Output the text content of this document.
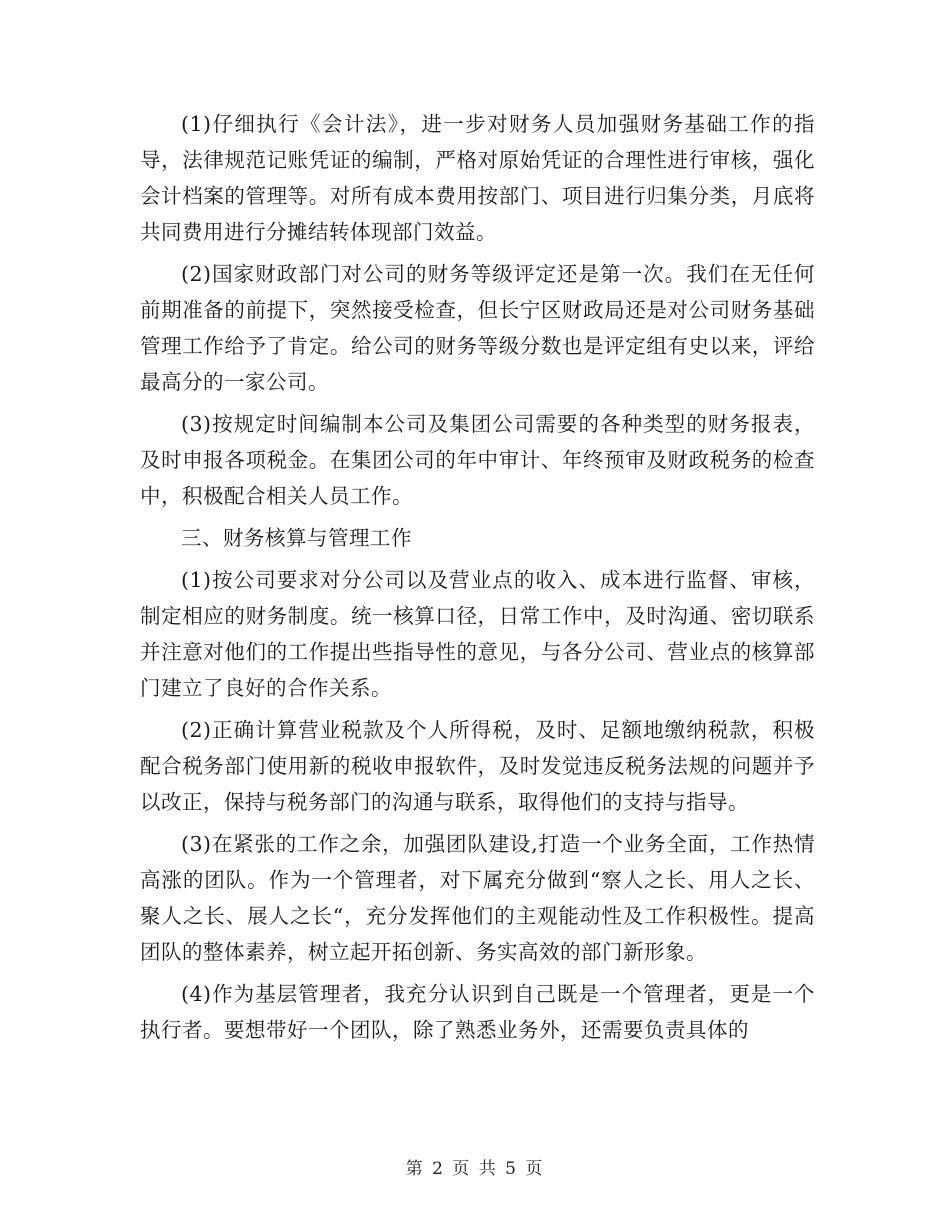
(1)仔细执行《会计法》，进一步对财务人员加强财务基础工作的指导，法律规范记账凭证的编制，严格对原始凭证的合理性进行审核，强化会计档案的管理等。对所有成本费用按部门、项目进行归集分类，月底将共同费用进行分摊结转体现部门效益。

(2)国家财政部门对公司的财务等级评定还是第一次。我们在无任何前期准备的前提下，突然接受检查，但长宁区财政局还是对公司财务基础管理工作给予了肯定。给公司的财务等级分数也是评定组有史以来，评给最高分的一家公司。

(3)按规定时间编制本公司及集团公司需要的各种类型的财务报表，及时申报各项税金。在集团公司的年中审计、年终预审及财政税务的检查中，积极配合相关人员工作。

三、财务核算与管理工作

(1)按公司要求对分公司以及营业点的收入、成本进行监督、审核，制定相应的财务制度。统一核算口径，日常工作中，及时沟通、密切联系并注意对他们的工作提出些指导性的意见，与各分公司、营业点的核算部门建立了良好的合作关系。

(2)正确计算营业税款及个人所得税，及时、足额地缴纳税款，积极配合税务部门使用新的税收申报软件，及时发觉违反税务法规的问题并予以改正，保持与税务部门的沟通与联系，取得他们的支持与指导。

(3)在紧张的工作之余，加强团队建设,打造一个业务全面，工作热情高涨的团队。作为一个管理者，对下属充分做到“察人之长、用人之长、聚人之长、展人之长“，充分发挥他们的主观能动性及工作积极性。提高团队的整体素养，树立起开拓创新、务实高效的部门新形象。

(4)作为基层管理者，我充分认识到自己既是一个管理者，更是一个执行者。要想带好一个团队，除了熟悉业务外，还需要负责具体的

第 2 页 共 5 页
